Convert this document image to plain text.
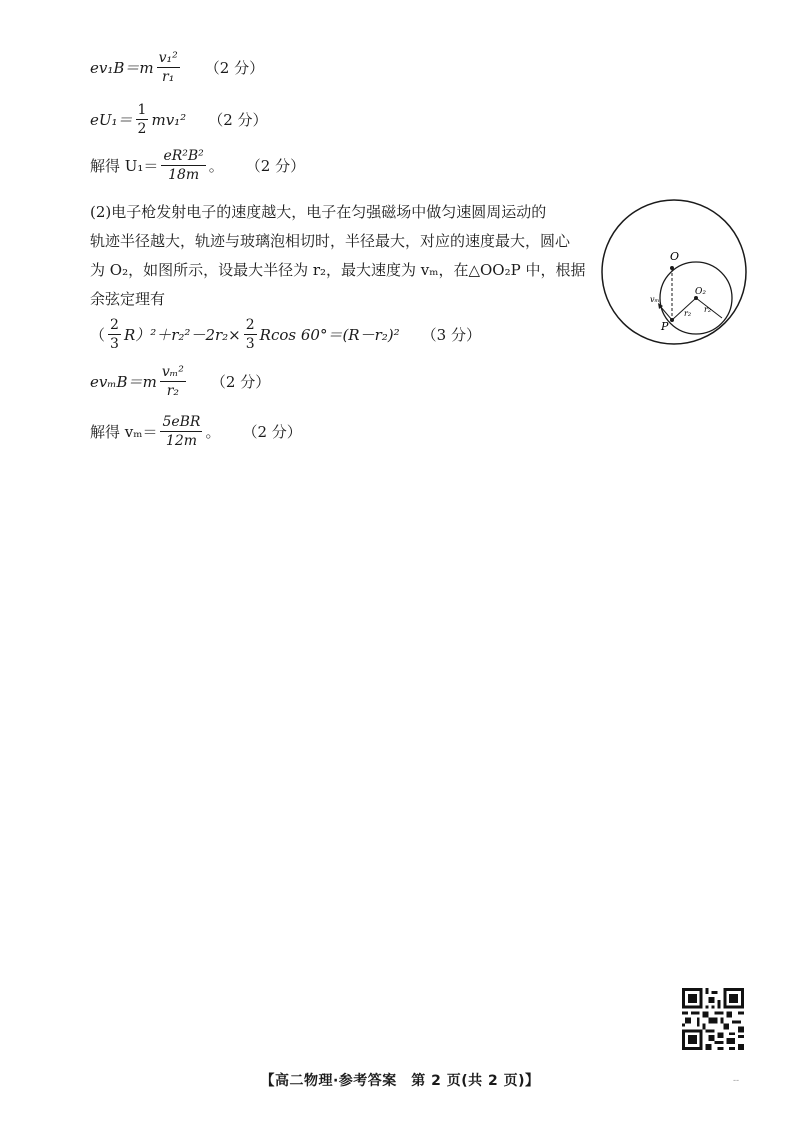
$ev_1B=m \frac{\text{v₁²}}{\text{r₁}} (2$ 分）
$eU_1= \frac{1}{2} mv_1^2$ （2 分）
解得 $U_1= \frac{\text{eR²B²}}{18m}$ 。 （2 分）

(2)电子枪发射电子的速度越大，电子在匀强磁场中做匀速圆周运动的

轨迹半径越大，轨迹与玻璃泡相切时，半径最大，对应的速度最大，圆心

为 O₂，如图所示，设最大半径为 r₂，最大速度为 vₘ，在△OO₂P 中，根据

余弦定理有

O
O₂
P
vₘ
r₂ r₂
（ $\frac{2}{3} R)^2+r_2^2-2r_2\times \frac{2}{3}$ Rcos 60°＝(R－r₂)² （3 分）
$ev_mB=m \frac{\text{vₘ²}}{\text{r₂}} (2$ 分）
解得 $v_m= \frac{\text{5eBR}}{12m}$ 。 （2 分）
【高二物理·参考答案　第 2 页(共 2 页)】	--
